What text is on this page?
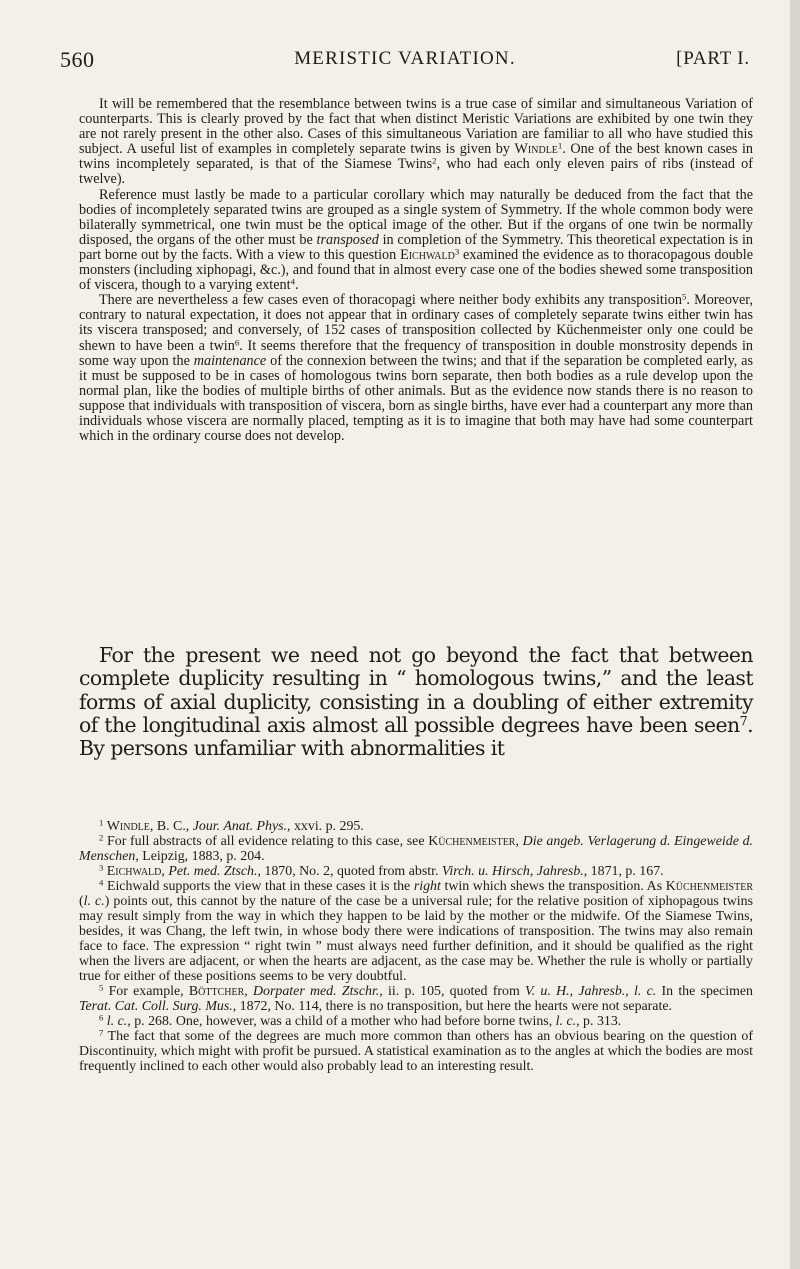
560	MERISTIC VARIATION.	[PART I.

It will be remembered that the resemblance between twins is a true case of similar and simultaneous Variation of counterparts. This is clearly proved by the fact that when distinct Meristic Variations are exhibited by one twin they are not rarely present in the other also. Cases of this simultaneous Variation are familiar to all who have studied this subject. A useful list of examples in completely separate twins is given by Windle$^1$. One of the best known cases in twins incompletely separated, is that of the Siamese Twins$^2$, who had each only eleven pairs of ribs (instead of twelve).

Reference must lastly be made to a particular corollary which may naturally be deduced from the fact that the bodies of incompletely separated twins are grouped as a single system of Symmetry. If the whole common body were bilaterally symmetrical, one twin must be the optical image of the other. But if the organs of one twin be normally disposed, the organs of the other must be transposed in completion of the Symmetry. This theoretical expectation is in part borne out by the facts. With a view to this question Eichwald$^3$ examined the evidence as to thoracopagous double monsters (including xiphopagi, &c.), and found that in almost every case one of the bodies shewed some transposition of viscera, though to a varying extent$^4$.

There are nevertheless a few cases even of thoracopagi where neither body exhibits any transposition$^5$. Moreover, contrary to natural expectation, it does not appear that in ordinary cases of completely separate twins either twin has its viscera transposed; and conversely, of 152 cases of transposition collected by Küchenmeister only one could be shewn to have been a twin$^6$. It seems therefore that the frequency of transposition in double monstrosity depends in some way upon the maintenance of the connexion between the twins; and that if the separation be completed early, as it must be supposed to be in cases of homologous twins born separate, then both bodies as a rule develop upon the normal plan, like the bodies of multiple births of other animals. But as the evidence now stands there is no reason to suppose that individuals with transposition of viscera, born as single births, have ever had a counterpart any more than individuals whose viscera are normally placed, tempting as it is to imagine that both may have had some counterpart which in the ordinary course does not develop.

For the present we need not go beyond the fact that between complete duplicity resulting in “ homologous twins,” and the least forms of axial duplicity, consisting in a doubling of either extremity of the longitudinal axis almost all possible degrees have been seen$^7$. By persons unfamiliar with abnormalities it

$^1$ Windle, B. C., Jour. Anat. Phys., xxvi. p. 295.

$^2$ For full abstracts of all evidence relating to this case, see Küchenmeister, Die angeb. Verlagerung d. Eingeweide d. Menschen, Leipzig, 1883, p. 204.

$^3$ Eichwald, Pet. med. Ztsch., 1870, No. 2, quoted from abstr. Virch. u. Hirsch, Jahresb., 1871, p. 167.

$^4$ Eichwald supports the view that in these cases it is the right twin which shews the transposition. As Küchenmeister (l. c.) points out, this cannot by the nature of the case be a universal rule; for the relative position of xiphopagous twins may result simply from the way in which they happen to be laid by the mother or the midwife. Of the Siamese Twins, besides, it was Chang, the left twin, in whose body there were indications of transposition. The twins may also remain face to face. The expression “ right twin ” must always need further definition, and it should be qualified as the right when the livers are adjacent, or when the hearts are adjacent, as the case may be. Whether the rule is wholly or partially true for either of these positions seems to be very doubtful.

$^5$ For example, Böttcher, Dorpater med. Ztschr., ii. p. 105, quoted from V. u. H., Jahresb., l. c. In the specimen Terat. Cat. Coll. Surg. Mus., 1872, No. 114, there is no transposition, but here the hearts were not separate.

$^6$ l. c., p. 268. One, however, was a child of a mother who had before borne twins, l. c., p. 313.

$^7$ The fact that some of the degrees are much more common than others has an obvious bearing on the question of Discontinuity, which might with profit be pursued. A statistical examination as to the angles at which the bodies are most frequently inclined to each other would also probably lead to an interesting result.
